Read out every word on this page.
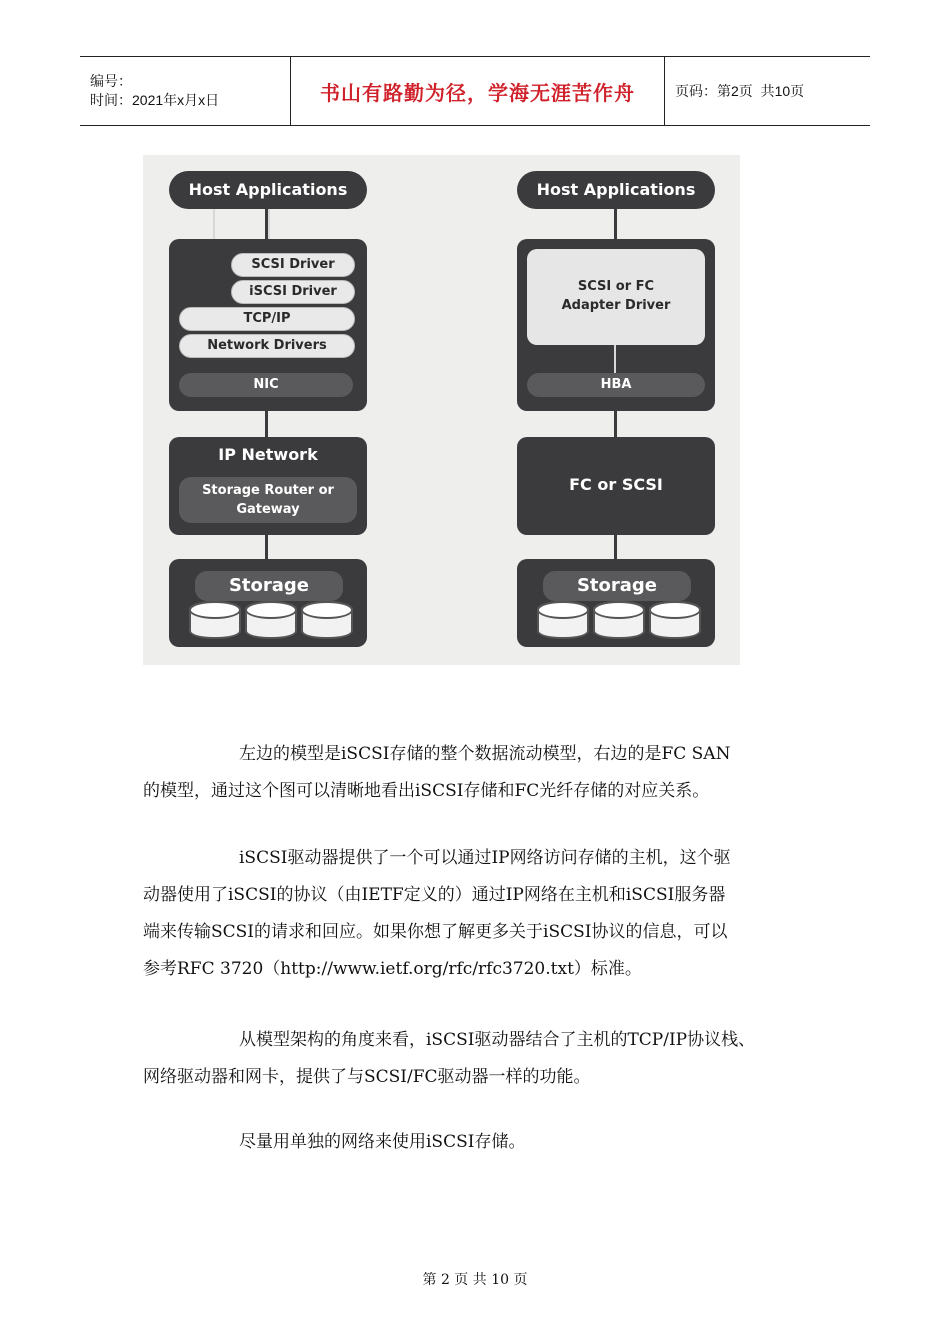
编号：
时间：2021年x月x日	书山有路勤为径，学海无涯苦作舟	页码：第2页  共10页
Host Applications
SCSI Driver
iSCSI Driver
TCP/IP
Network Drivers
NIC
IP Network
Storage Router or
Gateway
Storage
Host Applications
SCSI or FC
Adapter Driver
HBA
FC or SCSI
Storage
左边的模型是iSCSI存储的整个数据流动模型，右边的是FC SAN
的模型，通过这个图可以清晰地看出iSCSI存储和FC光纤存储的对应关系。
iSCSI驱动器提供了一个可以通过IP网络访问存储的主机，这个驱
动器使用了iSCSI的协议（由IETF定义的）通过IP网络在主机和iSCSI服务器
端来传输SCSI的请求和回应。如果你想了解更多关于iSCSI协议的信息，可以
参考RFC 3720（http://www.ietf.org/rfc/rfc3720.txt）标准。
从模型架构的角度来看，iSCSI驱动器结合了主机的TCP/IP协议栈、
网络驱动器和网卡，提供了与SCSI/FC驱动器一样的功能。
尽量用单独的网络来使用iSCSI存储。
第 2 页 共 10 页
